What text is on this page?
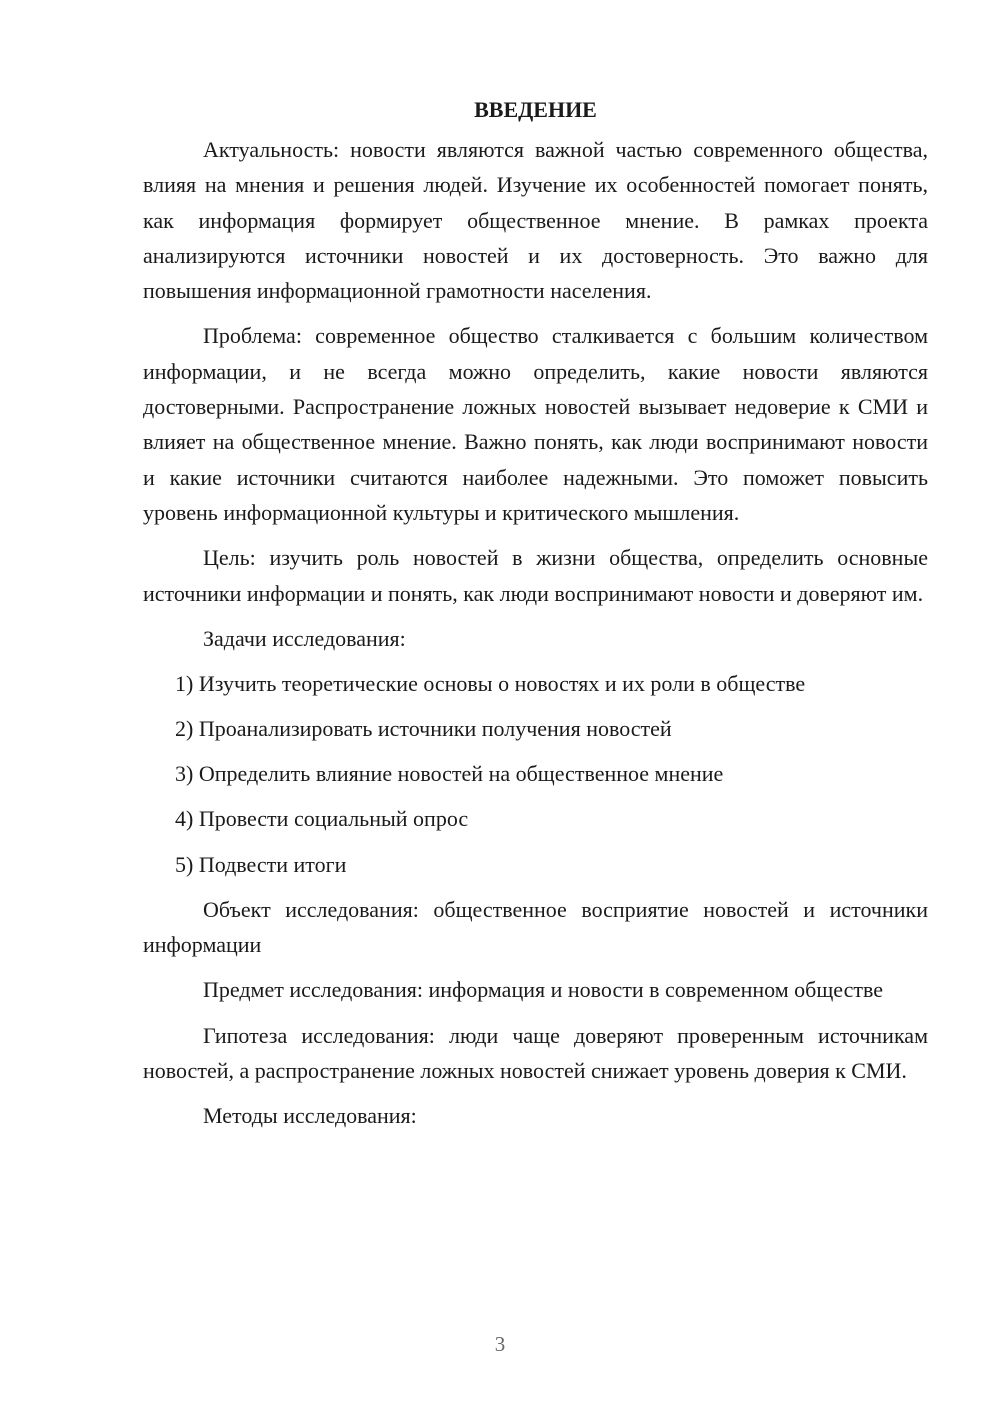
ВВЕДЕНИЕ

Актуальность: новости являются важной частью современного общества, влияя на мнения и решения людей. Изучение их особенностей помогает понять, как информация формирует общественное мнение. В рамках проекта анализируются источники новостей и их достоверность. Это важно для повышения информационной грамотности населения.

Проблема: современное общество сталкивается с большим количеством информации, и не всегда можно определить, какие новости являются достоверными. Распространение ложных новостей вызывает недоверие к СМИ и влияет на общественное мнение. Важно понять, как люди воспринимают новости и какие источники считаются наиболее надежными. Это поможет повысить уровень информационной культуры и критического мышления.

Цель: изучить роль новостей в жизни общества, определить основные источники информации и понять, как люди воспринимают новости и доверяют им.

Задачи исследования:

1) Изучить теоретические основы о новостях и их роли в обществе
2) Проанализировать источники получения новостей
3) Определить влияние новостей на общественное мнение
4) Провести социальный опрос
5) Подвести итоги

Объект исследования: общественное восприятие новостей и источники информации

Предмет исследования: информация и новости в современном обществе

Гипотеза исследования: люди чаще доверяют проверенным источникам новостей, а распространение ложных новостей снижает уровень доверия к СМИ.

Методы исследования:

3
